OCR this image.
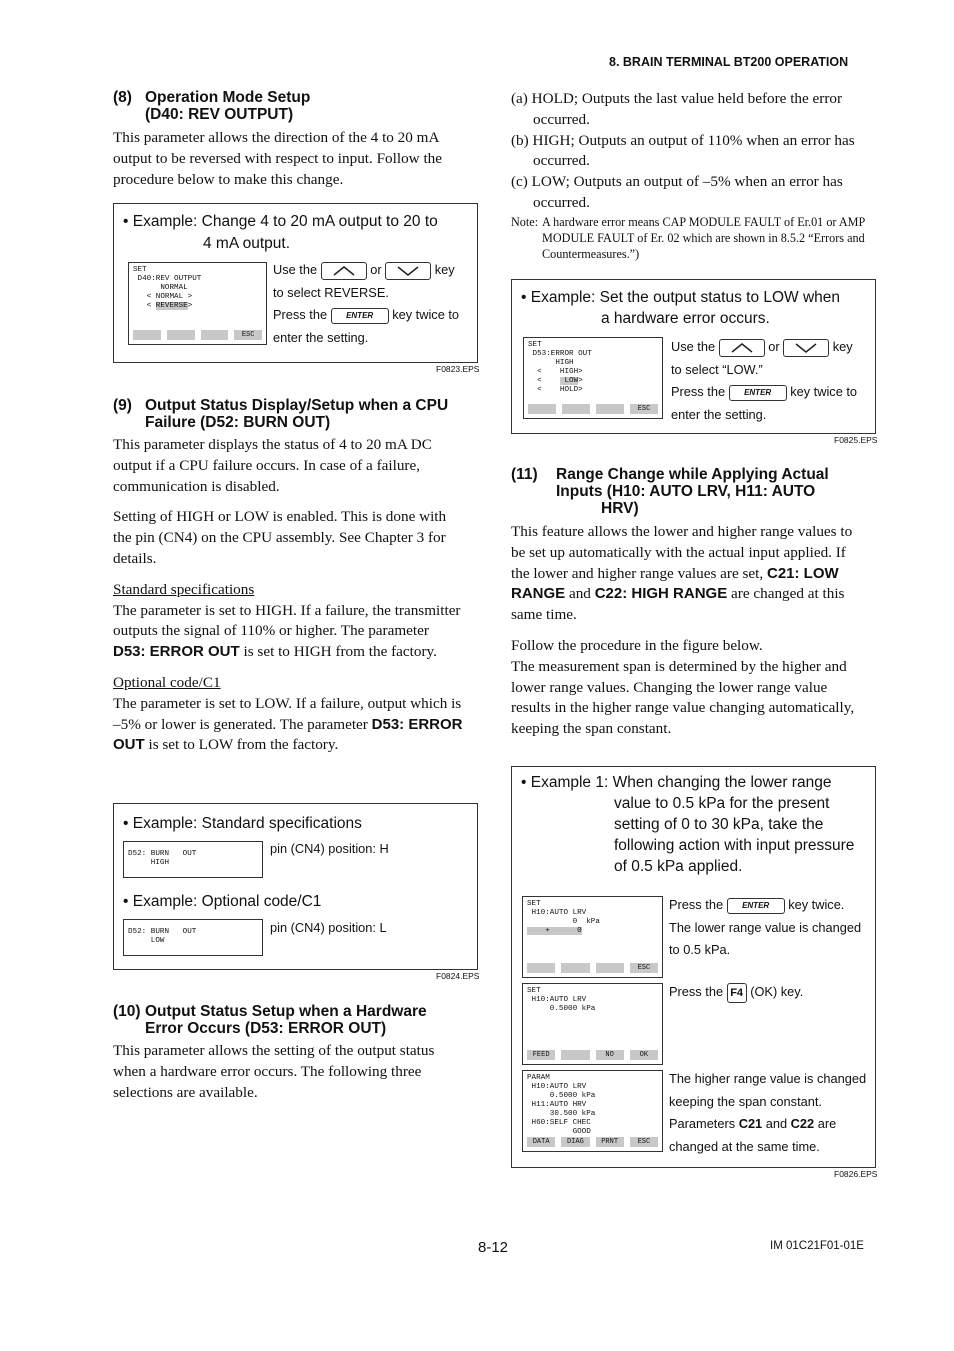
8. BRAIN TERMINAL BT200 OPERATION
(8) Operation Mode Setup
(D40: REV OUTPUT)
This parameter allows the direction of the 4 to 20 mA output to be reversed with respect to input. Follow the procedure below to make this change.
• Example: Change 4 to 20 mA output to 20 to
4 mA output.
SET
D40:REV OUTPUT
NORMAL
< NORMAL >
< REVERSE>
ESC
Use the	or	key
to select REVERSE.
Press the ENTER key twice to
enter the setting.
F0823.EPS
(9) Output Status Display/Setup when a CPU
Failure (D52: BURN OUT)

This parameter displays the status of 4 to 20 mA DC output if a CPU failure occurs. In case of a failure, communication is disabled.

Setting of HIGH or LOW is enabled. This is done with the pin (CN4) on the CPU assembly. See Chapter 3 for details.

Standard specifications

The parameter is set to HIGH. If a failure, the transmitter outputs the signal of 110% or higher. The parameter D53: ERROR OUT is set to HIGH from the factory.

Optional code/C1

The parameter is set to LOW. If a failure, output which is –5% or lower is generated. The parameter D53: ERROR OUT is set to LOW from the factory.

• Example: Standard specifications
D52: BURN   OUT
HIGH
pin (CN4) position: H
• Example: Optional code/C1
D52: BURN   OUT
LOW
pin (CN4) position: L
F0824.EPS
(10) Output Status Setup when a Hardware
Error Occurs (D53: ERROR OUT)
This parameter allows the setting of the output status when a hardware error occurs. The following three selections are available.
(a) HOLD; Outputs the last value held before the error occurred.
(b) HIGH; Outputs an output of 110% when an error has occurred.
(c) LOW; Outputs an output of –5% when an error has occurred.
Note: A hardware error means CAP MODULE FAULT of Er.01 or AMP MODULE FAULT of Er. 02 which are shown in 8.5.2 “Errors and Countermeasures.”)
• Example: Set the output status to LOW when
a hardware error occurs.
SET
D53:ERROR OUT
HIGH
<    HIGH>
<     LOW>
<    HOLD>
ESC
Use the	or	key
to select “LOW.”
Press the ENTER key twice to
enter the setting.
F0825.EPS
(11) Range Change while Applying Actual
Inputs (H10: AUTO LRV, H11: AUTO
HRV)

This feature allows the lower and higher range values to be set up automatically with the actual input applied. If the lower and higher range values are set, C21: LOW RANGE and C22: HIGH RANGE are changed at this same time.

Follow the procedure in the figure below.
The measurement span is determined by the higher and lower range values. Changing the lower range value results in the higher range value changing automatically, keeping the span constant.
• Example 1: When changing the lower range
value to 0.5 kPa for the present
setting of 0 to 30 kPa, take the
following action with input pressure
of 0.5 kPa applied.
SET
H10:AUTO LRV
0  kPa
+      0
ESC
Press the ENTER key twice.
The lower range value is changed
to 0.5 kPa.
SET
H10:AUTO LRV
0.5000 kPa
FEED	NO	OK
Press the F4 (OK) key.
PARAM
H10:AUTO LRV
0.5000 kPa
H11:AUTO HRV
30.500 kPa
H60:SELF CHEC
GOOD
DATA	DIAG	PRNT	ESC
The higher range value is changed
keeping the span constant.
Parameters C21 and C22 are
changed at the same time.
F0826.EPS
8-12	IM 01C21F01-01E
